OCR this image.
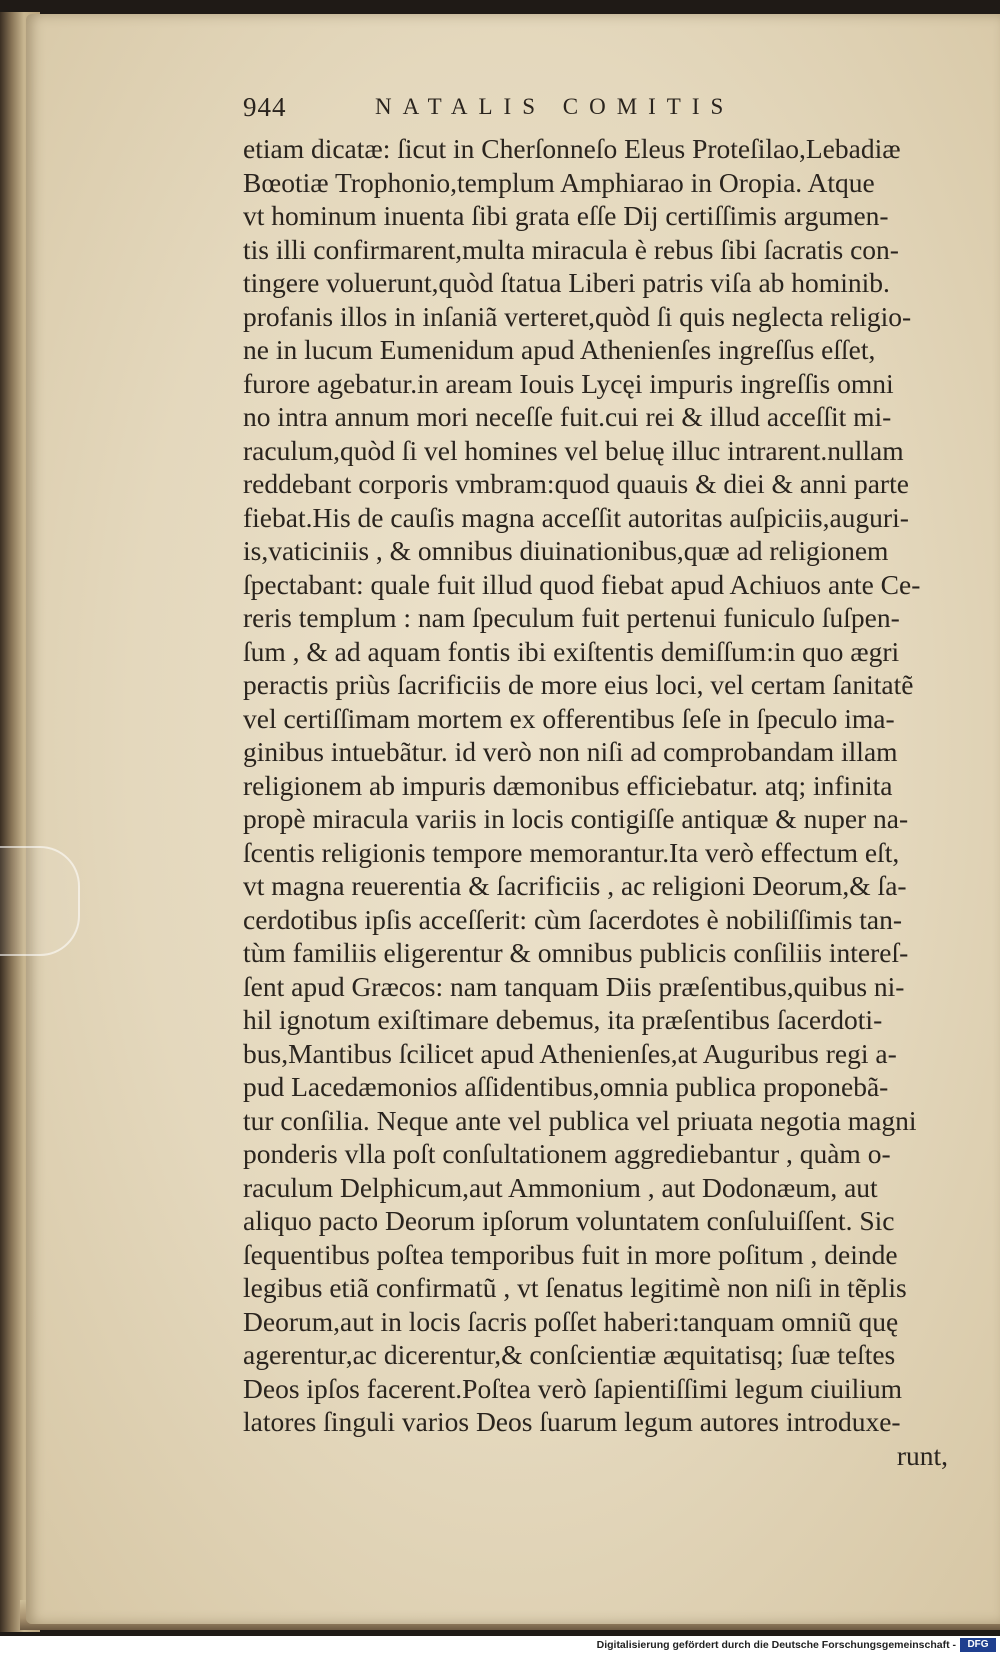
944	NATALIS COMITIS
etiam dicatæ: ſicut in Cherſonneſo Eleus Proteſilao,Lebadiæ
Bœotiæ Trophonio,templum Amphiarao in Oropia. Atque
vt hominum inuenta ſibi grata eſſe Dij certiſſimis argumen-
tis illi confirmarent,multa miracula è rebus ſibi ſacratis con-
tingere voluerunt,quòd ſtatua Liberi patris viſa ab hominib.
profanis illos in inſaniã verteret,quòd ſi quis neglecta religio-
ne in lucum Eumenidum apud Athenienſes ingreſſus eſſet,
furore agebatur.in aream Iouis Lycęi impuris ingreſſis omni
no intra annum mori neceſſe fuit.cui rei & illud acceſſit mi-
raculum,quòd ſi vel homines vel beluę illuc intrarent.nullam
reddebant corporis vmbram:quod quauis & diei & anni parte
fiebat.His de cauſis magna acceſſit autoritas auſpiciis,auguri-
is,vaticiniis , & omnibus diuinationibus,quæ ad religionem
ſpectabant: quale fuit illud quod fiebat apud Achiuos ante Ce-
reris templum : nam ſpeculum fuit pertenui funiculo ſuſpen-
ſum , & ad aquam fontis ibi exiſtentis demiſſum:in quo ægri
peractis priùs ſacrificiis de more eius loci, vel certam ſanitatẽ
vel certiſſimam mortem ex offerentibus ſeſe in ſpeculo ima-
ginibus intuebãtur. id verò non niſi ad comprobandam illam
religionem ab impuris dæmonibus efficiebatur. atq; infinita
propè miracula variis in locis contigiſſe antiquæ & nuper na-
ſcentis religionis tempore memorantur.Ita verò effectum eſt,
vt magna reuerentia & ſacrificiis , ac religioni Deorum,& ſa-
cerdotibus ipſis acceſſerit: cùm ſacerdotes è nobiliſſimis tan-
tùm familiis eligerentur & omnibus publicis conſiliis intereſ-
ſent apud Græcos: nam tanquam Diis præſentibus,quibus ni-
hil ignotum exiſtimare debemus, ita præſentibus ſacerdoti-
bus,Mantibus ſcilicet apud Athenienſes,at Auguribus regi a-
pud Lacedæmonios aſſidentibus,omnia publica proponebã-
tur conſilia. Neque ante vel publica vel priuata negotia magni
ponderis vlla poſt conſultationem aggrediebantur , quàm o-
raculum Delphicum,aut Ammonium , aut Dodonæum, aut
aliquo pacto Deorum ipſorum voluntatem conſuluiſſent. Sic
ſequentibus poſtea temporibus fuit in more poſitum , deinde
legibus etiã confirmatũ , vt ſenatus legitimè non niſi in tẽplis
Deorum,aut in locis ſacris poſſet haberi:tanquam omniũ quę
agerentur,ac dicerentur,& conſcientiæ æquitatisq; ſuæ teſtes
Deos ipſos facerent.Poſtea verò ſapientiſſimi legum ciuilium
latores ſinguli varios Deos ſuarum legum autores introduxe-
runt,
Digitalisierung gefördert durch die Deutsche Forschungsgemeinschaft -	DFG
